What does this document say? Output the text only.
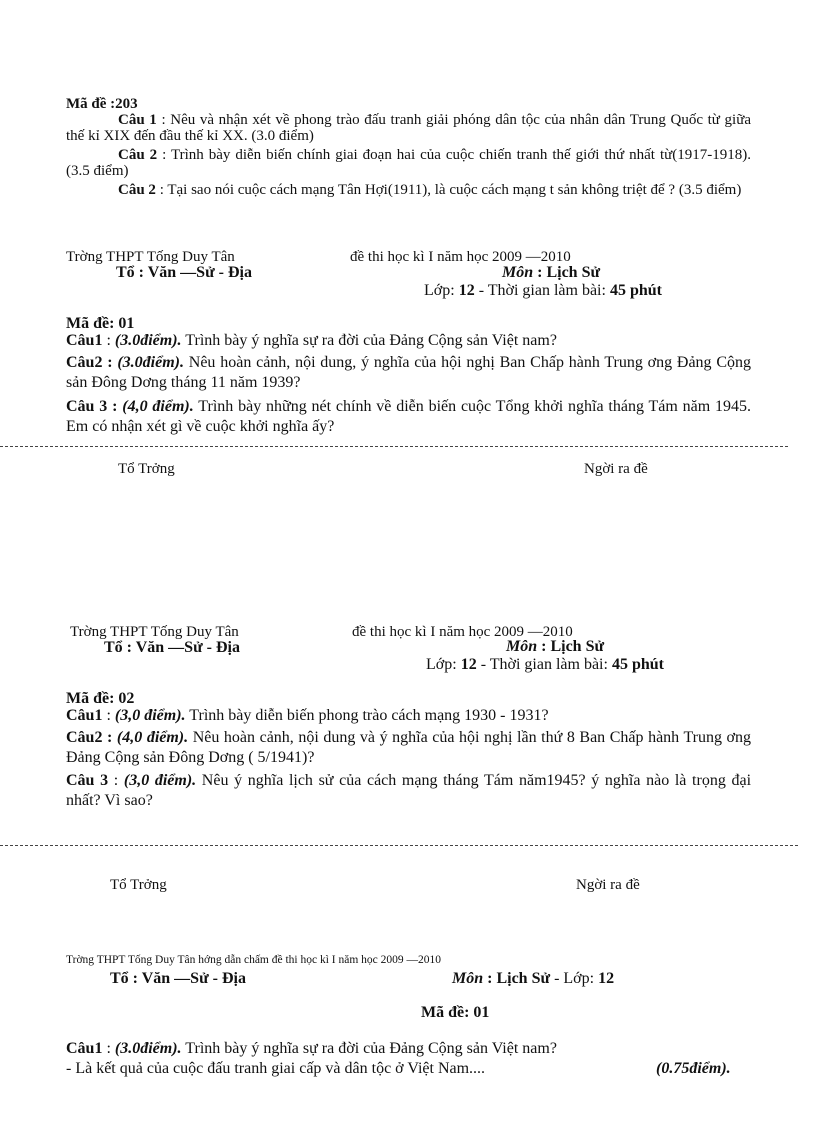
Mã đề :203
Câu 1 : Nêu và nhận xét về phong trào đấu tranh giải phóng dân tộc của nhân dân Trung Quốc từ giữa thế kỉ XIX đến đầu thế kỉ XX. (3.0 điểm)
Câu 2 : Trình bày diễn biến chính giai đoạn hai của cuộc chiến tranh thế giới thứ nhất từ(1917-1918).(3.5 điểm)
Câu 2 : Tại sao nói cuộc cách mạng Tân Hợi(1911), là cuộc cách mạng t sản không triệt để ? (3.5 điểm)
Trờng THPT Tống Duy Tân	đề thi học kì I năm học 2009 —2010
Tổ : Văn —Sử - Địa	Môn : Lịch Sử
Lớp: 12 - Thời gian làm bài: 45 phút
Mã đề: 01
Câu1 : (3.0điểm). Trình bày ý nghĩa sự ra đời của Đảng Cộng sản Việt nam?
Câu2 : (3.0điểm). Nêu hoàn cảnh, nội dung, ý nghĩa của hội nghị Ban Chấp hành Trung ơng Đảng Cộng sản Đông Dơng tháng 11 năm 1939?
Câu 3 : (4,0 điểm). Trình bày những nét chính về diễn biến cuộc Tổng khởi nghĩa tháng Tám năm 1945. Em có nhận xét gì về cuộc khởi nghĩa ấy?
Tổ Trởng	Ngời ra đề
Trờng THPT Tống Duy Tân	đề thi học kì I năm học 2009 —2010
Tổ : Văn —Sử - Địa	Môn : Lịch Sử
Lớp: 12 - Thời gian làm bài: 45 phút
Mã đề: 02
Câu1 : (3,0 điểm). Trình bày diễn biến phong trào cách mạng 1930 - 1931?
Câu2 : (4,0 điểm). Nêu hoàn cảnh, nội dung và ý nghĩa của hội nghị lần thứ 8 Ban Chấp hành Trung ơng Đảng Cộng sản Đông Dơng ( 5/1941)?
Câu 3 : (3,0 điểm). Nêu ý nghĩa lịch sử của cách mạng tháng Tám năm1945? ý nghĩa nào là trọng đại nhất? Vì sao?
Tổ Trởng	Ngời ra đề
Trờng THPT Tống Duy Tân hớng dẫn chấm đề thi học kì I năm học 2009 —2010
Tổ : Văn —Sử - Địa	Môn : Lịch Sử - Lớp: 12
Mã đề: 01
Câu1 : (3.0điểm). Trình bày ý nghĩa sự ra đời của Đảng Cộng sản Việt nam?
- Là kết quả của cuộc đấu tranh giai cấp và dân tộc ở Việt Nam....	(0.75điểm).
